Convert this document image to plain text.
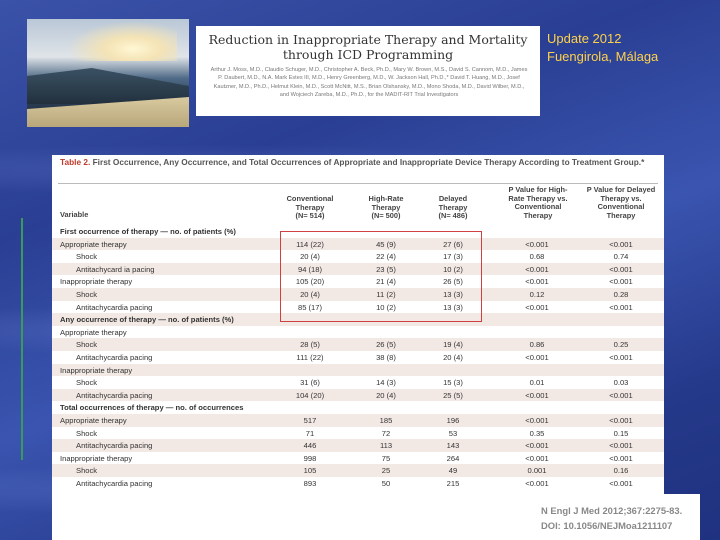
Reduction in Inappropriate Therapy and Mortality
through ICD Programming
Arthur J. Moss, M.D., Claudio Schuger, M.D., Christopher A. Beck, Ph.D., Mary W. Brown, M.S., David S. Cannom, M.D., James P. Daubert, M.D., N.A. Mark Estes III, M.D., Henry Greenberg, M.D., W. Jackson Hall, Ph.D.,* David T. Huang, M.D., Josef Kautzner, M.D., Ph.D., Helmut Klein, M.D., Scott McNitt, M.S., Brian Olshansky, M.D., Mono Shoda, M.D., David Wilber, M.D., and Wojciech Zareba, M.D., Ph.D., for the MADIT-RIT Trial Investigators
Update 2012
Fuengirola, Málaga
Table 2. First Occurrence, Any Occurrence, and Total Occurrences of Appropriate and Inappropriate Device Therapy According to Treatment Group.*
Variable
Conventional
Therapy
(N= 514)
High-Rate
Therapy
(N= 500)
Delayed
Therapy
(N= 486)
P Value for High-
Rate Therapy vs.
Conventional
Therapy
P Value for Delayed
Therapy vs.
Conventional
Therapy
First occurrence of therapy — no. of patients (%)
Appropriate therapy	114 (22)	45 (9)	27 (6)	<0.001	<0.001
Shock	20 (4)	22 (4)	17 (3)	0.68	0.74
Antitachycard ia pacing	94 (18)	23 (5)	10 (2)	<0.001	<0.001
Inappropriate therapy	105 (20)	21 (4)	26 (5)	<0.001	<0.001
Shock	20 (4)	11 (2)	13 (3)	0.12	0.28
Antitachycardia pacing	85 (17)	10 (2)	13 (3)	<0.001	<0.001
Any occurrence of therapy — no. of patients (%)
Appropriate therapy
Shock	28 (5)	26 (5)	19 (4)	0.86	0.25
Antitachycardia pacing	111 (22)	38 (8)	20 (4)	<0.001	<0.001
Inappropriate therapy
Shock	31 (6)	14 (3)	15 (3)	0.01	0.03
Antitachycardia pacing	104 (20)	20 (4)	25 (5)	<0.001	<0.001
Total occurrences of therapy — no. of occurrences
Appropriate therapy	517	185	196	<0.001	<0.001
Shock	71	72	53	0.35	0.15
Antitachycardia pacing	446	113	143	<0.001	<0.001
Inappropriate therapy	998	75	264	<0.001	<0.001
Shock	105	25	49	0.001	0.16
Antitachycardia pacing	893	50	215	<0.001	<0.001
N Engl J Med 2012;367:2275-83.
DOI: 10.1056/NEJMoa1211107
